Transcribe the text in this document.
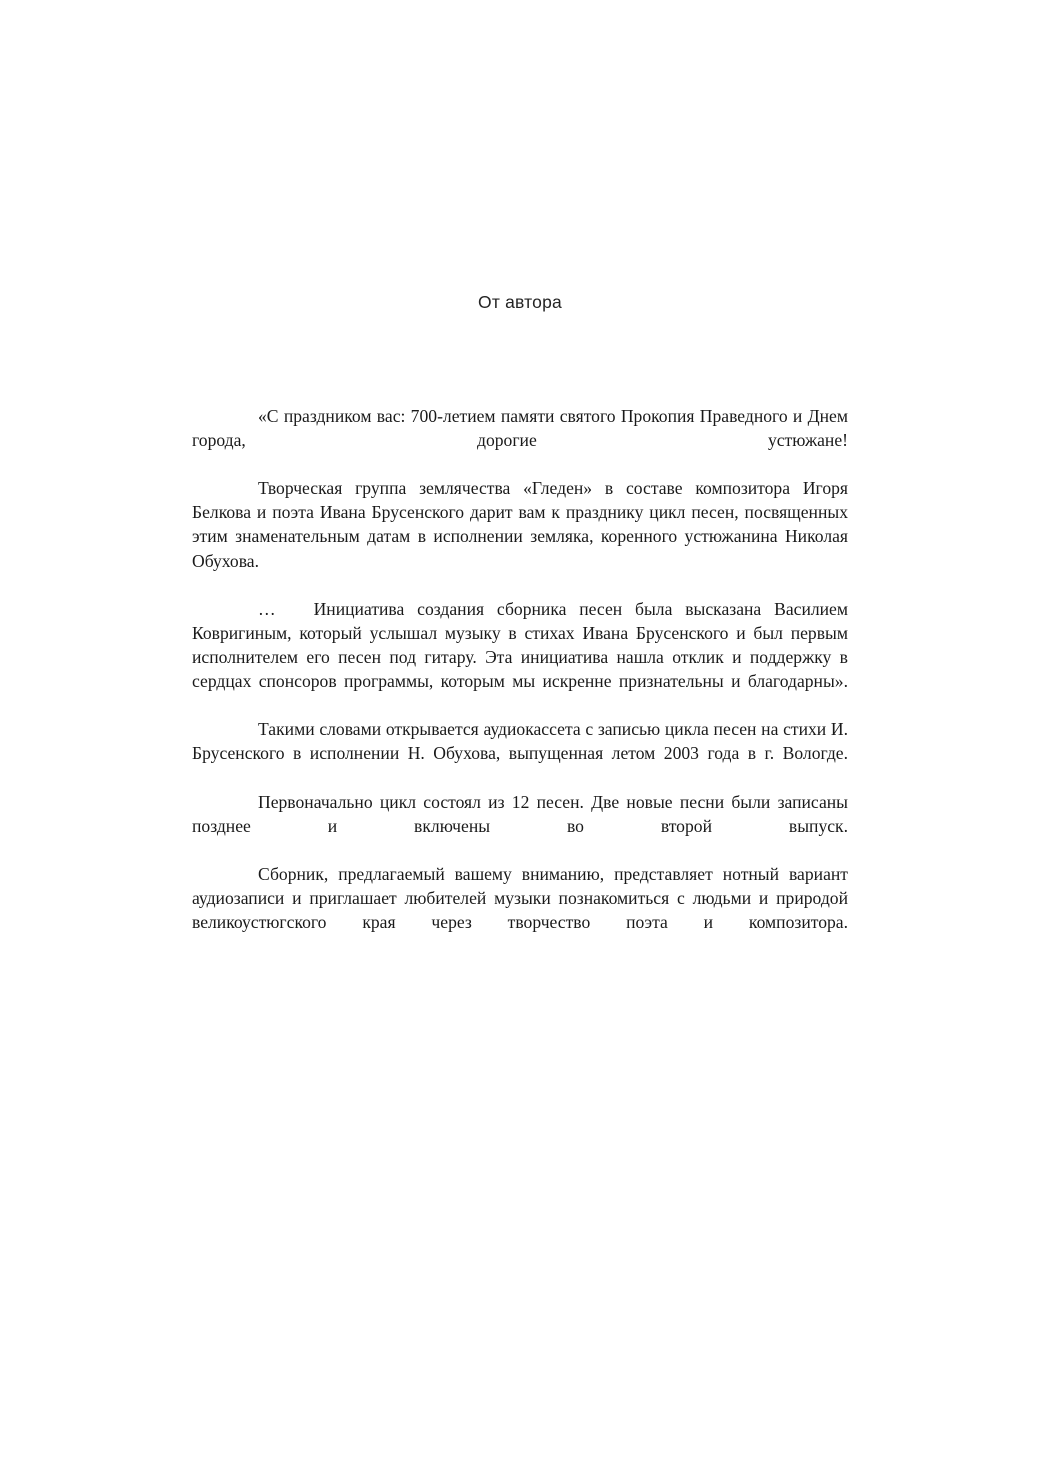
От автора

«С праздником вас: 700-летием памяти святого Прокопия Праведного и Днем города, дорогие устюжане!

Творческая группа землячества «Гледен» в составе композитора Игоря Белкова и поэта Ивана Брусенского дарит вам к празднику цикл песен, посвященных этим знаменательным датам в исполнении земляка, коренного устюжанина Николая Обухова.

… Инициатива создания сборника песен была высказана Василием Ковригиным, который услышал музыку в стихах Ивана Брусенского и был первым исполнителем его песен под гитару. Эта инициатива нашла отклик и поддержку в сердцах спонсоров программы, которым мы искренне признательны и благодарны».

Такими словами открывается аудиокассета с записью цикла песен на стихи И. Брусенского в исполнении Н. Обухова, выпущенная летом 2003 года в г. Вологде.

Первоначально цикл состоял из 12 песен. Две новые песни были записаны позднее и включены во второй выпуск.

Сборник, предлагаемый вашему вниманию, представляет нотный вариант аудиозаписи и приглашает любителей музыки познакомиться с людьми и природой великоустюгского края через творчество поэта и композитора.
